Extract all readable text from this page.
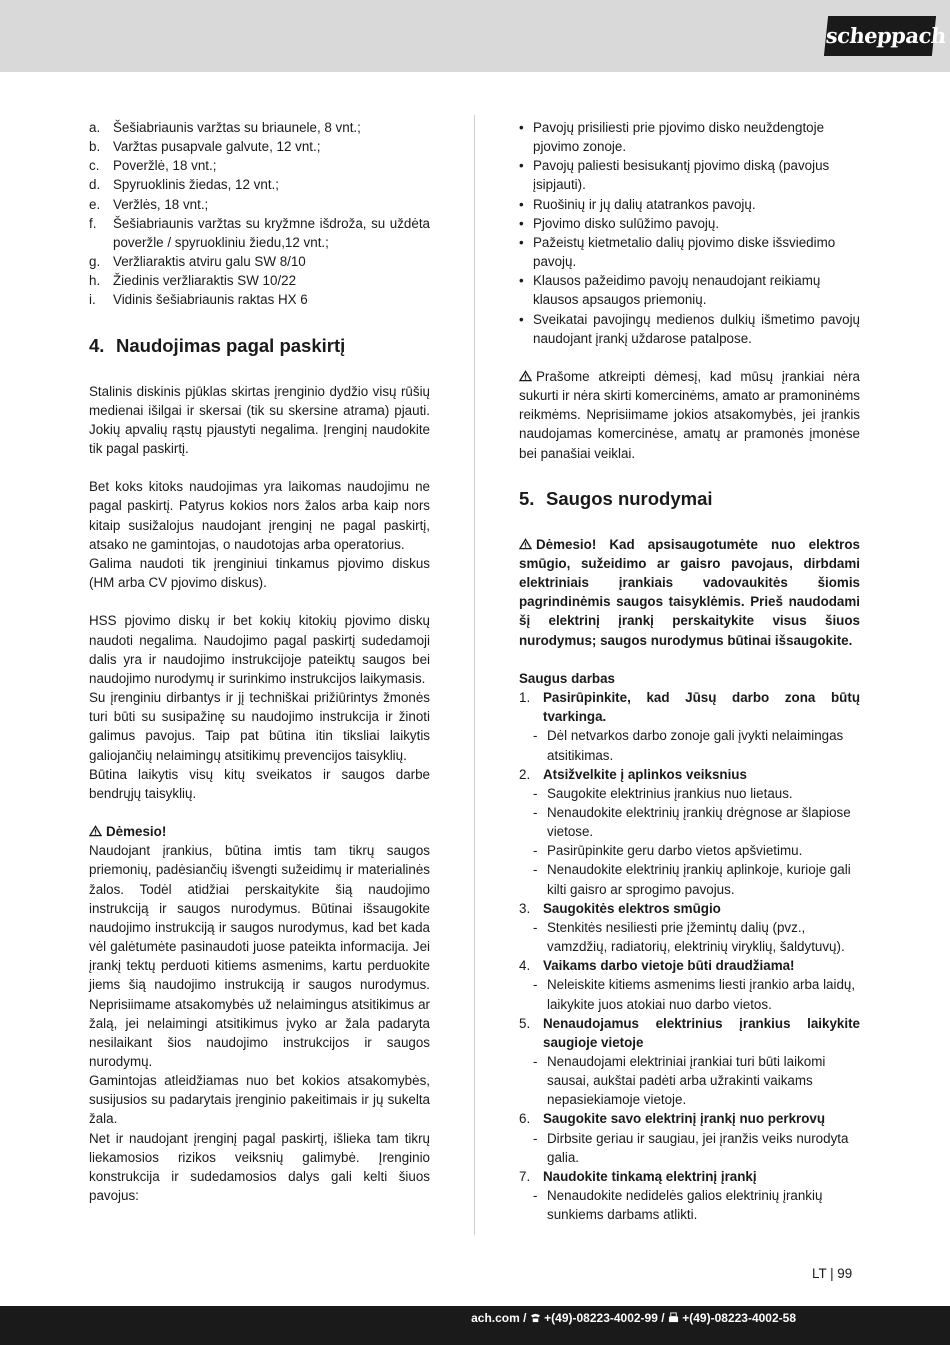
scheppach
a. Šešiabriaunis varžtas su briaunele, 8 vnt.;
b. Varžtas pusapvale galvute, 12 vnt.;
c. Poveržlė, 18 vnt.;
d. Spyruoklinis žiedas, 12 vnt.;
e. Veržlės, 18 vnt.;
f. Šešiabriaunis varžtas su kryžmne išdroža, su uždėta poveržle / spyruokliniu žiedu,12 vnt.;
g. Veržliaraktis atviru galu SW 8/10
h. Žiedinis veržliaraktis SW 10/22
i. Vidinis šešiabriaunis raktas HX 6
4. Naudojimas pagal paskirtį

Stalinis diskinis pjūklas skirtas įrenginio dydžio visų rūšių medienai išilgai ir skersai (tik su skersine atrama) pjauti. Jokių apvalių rąstų pjaustyti negalima. Įrenginį naudokite tik pagal paskirtį.

Bet koks kitoks naudojimas yra laikomas naudojimu ne pagal paskirtį. Patyrus kokios nors žalos arba kaip nors kitaip susižalojus naudojant įrenginį ne pagal paskirtį, atsako ne gamintojas, o naudotojas arba operatorius.

Galima naudoti tik įrenginiui tinkamus pjovimo diskus (HM arba CV pjovimo diskus).

HSS pjovimo diskų ir bet kokių kitokių pjovimo diskų naudoti negalima. Naudojimo pagal paskirtį sudedamoji dalis yra ir naudojimo instrukcijoje pateiktų saugos bei naudojimo nurodymų ir surinkimo instrukcijos laikymasis.

Su įrenginiu dirbantys ir jį techniškai prižiūrintys žmonės turi būti su susipažinę su naudojimo instrukcija ir žinoti galimus pavojus. Taip pat būtina itin tiksliai laikytis galiojančių nelaimingų atsitikimų prevencijos taisyklių.

Būtina laikytis visų kitų sveikatos ir saugos darbe bendrųjų taisyklių.

Dėmesio!

Naudojant įrankius, būtina imtis tam tikrų saugos priemonių, padėsiančių išvengti sužeidimų ir materialinės žalos. Todėl atidžiai perskaitykite šią naudojimo instrukciją ir saugos nurodymus. Būtinai išsaugokite naudojimo instrukciją ir saugos nurodymus, kad bet kada vėl galėtumėte pasinaudoti juose pateikta informacija. Jei įrankį tektų perduoti kitiems asmenims, kartu perduokite jiems šią naudojimo instrukciją ir saugos nurodymus. Neprisiimame atsakomybės už nelaimingus atsitikimus ar žalą, jei nelaimingi atsitikimus įvyko ar žala padaryta nesilaikant šios naudojimo instrukcijos ir saugos nurodymų.

Gamintojas atleidžiamas nuo bet kokios atsakomybės, susijusios su padarytais įrenginio pakeitimais ir jų sukelta žala.

Net ir naudojant įrenginį pagal paskirtį, išlieka tam tikrų liekamosios rizikos veiksnių galimybė. Įrenginio konstrukcija ir sudedamosios dalys gali kelti šiuos pavojus:

• Pavojų prisiliesti prie pjovimo disko neuždengtoje pjovimo zonoje.
• Pavojų paliesti besisukantį pjovimo diską (pavojus įsipjauti).
• Ruošinių ir jų dalių atatrankos pavojų.
• Pjovimo disko sulūžimo pavojų.
• Pažeistų kietmetalio dalių pjovimo diske išsviedimo pavojų.
• Klausos pažeidimo pavojų nenaudojant reikiamų klausos apsaugos priemonių.
• Sveikatai pavojingų medienos dulkių išmetimo pavojų naudojant įrankį uždarose patalpose.

Prašome atkreipti dėmesį, kad mūsų įrankiai nėra sukurti ir nėra skirti komercinėms, amato ar pramoninėms reikmėms. Neprisiimame jokios atsakomybės, jei įrankis naudojamas komercinėse, amatų ar pramonės įmonėse bei panašiai veiklai.

5. Saugos nurodymai

Dėmesio! Kad apsisaugotumėte nuo elektros smūgio, sužeidimo ar gaisro pavojaus, dirbdami elektriniais įrankiais vadovaukitės šiomis pagrindinėmis saugos taisyklėmis. Prieš naudodami šį elektrinį įrankį perskaitykite visus šiuos nurodymus; saugos nurodymus būtinai išsaugokite.

Saugus darbas

1. Pasirūpinkite, kad Jūsų darbo zona būtų tvarkinga.
- Dėl netvarkos darbo zonoje gali įvykti nelaimingas atsitikimas.
2. Atsižvelkite į aplinkos veiksnius
- Saugokite elektrinius įrankius nuo lietaus.
- Nenaudokite elektrinių įrankių drėgnose ar šlapiose vietose.
- Pasirūpinkite geru darbo vietos apšvietimu.
- Nenaudokite elektrinių įrankių aplinkoje, kurioje gali kilti gaisro ar sprogimo pavojus.
3. Saugokitės elektros smūgio
- Stenkitės nesiliesti prie įžemintų dalių (pvz., vamzdžių, radiatorių, elektrinių viryklių, šaldytuvų).
4. Vaikams darbo vietoje būti draudžiama!
- Neleiskite kitiems asmenims liesti įrankio arba laidų, laikykite juos atokiai nuo darbo vietos.
5. Nenaudojamus elektrinius įrankius laikykite saugioje vietoje
- Nenaudojami elektriniai įrankiai turi būti laikomi sausai, aukštai padėti arba užrakinti vaikams nepasiekiamoje vietoje.
6. Saugokite savo elektrinį įrankį nuo perkrovų
- Dirbsite geriau ir saugiau, jei įranžis veiks nurodyta galia.
7. Naudokite tinkamą elektrinį įrankį
- Nenaudokite nedidelės galios elektrinių įrankių sunkiems darbams atlikti.
LT | 99
ach.com /  +(49)-08223-4002-99 /  +(49)-08223-4002-58
